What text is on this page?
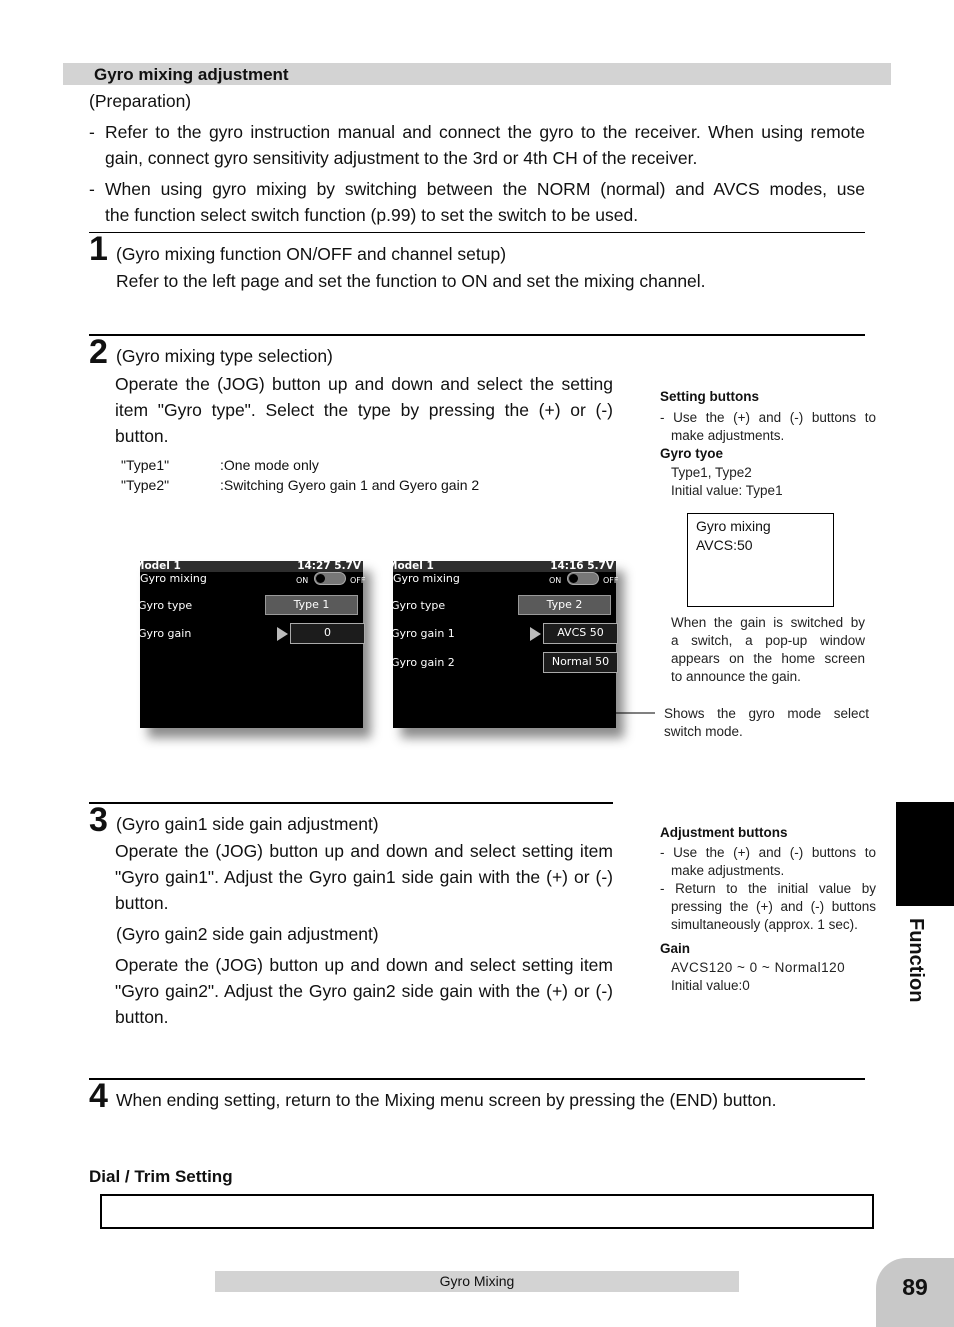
Gyro mixing adjustment
(Preparation)
- Refer to the gyro instruction manual and connect the gyro to the receiver. When using remote
gain, connect gyro sensitivity adjustment to the 3rd or 4th CH of the receiver.
- When using gyro mixing by switching between the NORM (normal) and AVCS modes, use
the function select switch function (p.99) to set the switch to be used.
1 (Gyro mixing function ON/OFF and channel setup)
Refer to the left page and set the function to ON and set the mixing channel.
2 (Gyro mixing type selection)
Operate the (JOG) button up and down and select the setting item "Gyro type". Select the type by pressing the (+) or (-) button.
"Type1"	:One mode only
"Type2"	:Switching Gyero gain 1 and Gyero gain 2
Model 1	14:27 5.7V
Gyro mixing	ON	OFF
Gyro type	Type 1
Gyro gain	0
Model 1	14:16 5.7V
Gyro mixing	ON	OFF
Gyro type	Type 2
Gyro gain 1	AVCS 50
Gyro gain 2	Normal 50
Setting buttons
- Use the (+) and (-) buttons to
make adjustments.
Gyro tyoe
Type1, Type2
Initial value: Type1
Gyro mixing
AVCS:50
When the gain is switched by
a switch, a pop-up window
appears on the home screen
to announce the gain.
Shows the gyro mode select
switch mode.
3 (Gyro gain1 side gain adjustment)
Operate the (JOG) button up and down and select setting item "Gyro gain1". Adjust the Gyro gain1 side gain with the (+) or (-) button.
(Gyro gain2 side gain adjustment)
Operate the (JOG) button up and down and select setting item "Gyro gain2". Adjust the Gyro gain2 side gain with the (+) or (-) button.
Adjustment buttons
- Use the (+) and (-) buttons to
make adjustments.
- Return to the initial value by
pressing the (+) and (-) buttons
simultaneously (approx. 1 sec).
Gain
AVCS120 ~ 0 ~ Normal120
Initial value:0
4 When ending setting, return to the Mixing menu screen by pressing the (END) button.
Dial / Trim Setting
Function
Gyro Mixing	89
